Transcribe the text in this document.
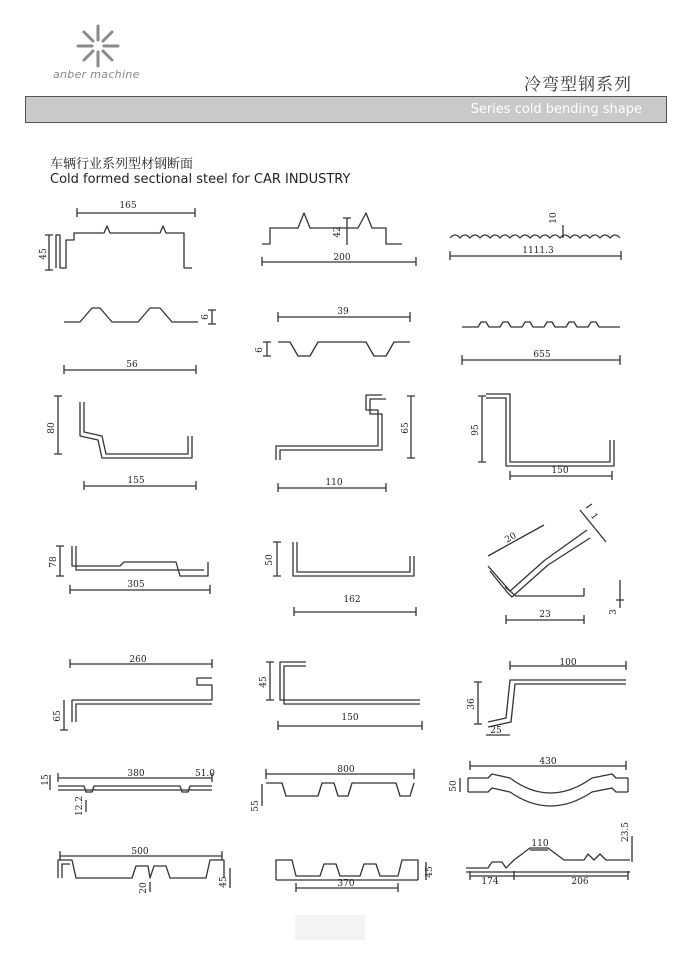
anber machine
冷弯型钢系列
Series cold bending shape
车辆行业系列型材钢断面
Cold formed sectional steel for CAR INDUSTRY
165
45
42
200
10
1111.3
6
56
39
6	655
80
155
65
110
95
150
78
305
50
162
20
1
23	3
260
65
45
150
100
36
25
15
380	51.0
12.2
800
55
430
50
500
20
45	370
45
110
23.5
174	206
